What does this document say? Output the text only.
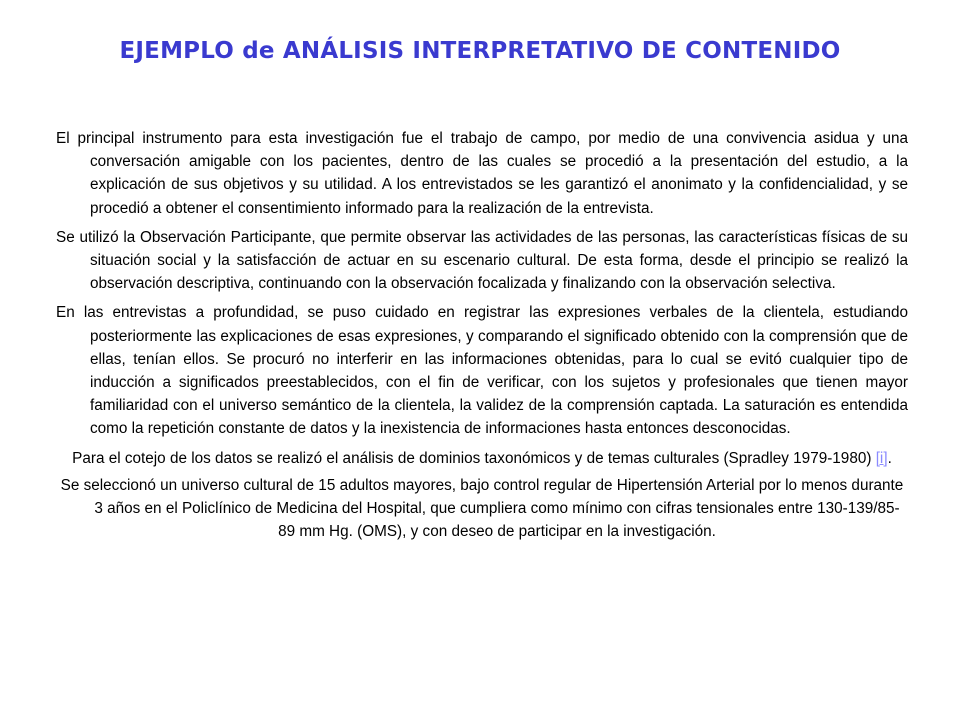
EJEMPLO de ANÁLISIS INTERPRETATIVO DE CONTENIDO

El principal instrumento para esta investigación fue el trabajo de campo, por medio de una convivencia asidua y una conversación amigable con los pacientes, dentro de las cuales se procedió a la presentación del estudio, a la explicación de sus objetivos y su utilidad. A los entrevistados se les garantizó el anonimato y la confidencialidad, y se procedió a obtener el consentimiento informado para la realización de la entrevista.

Se utilizó la Observación Participante, que permite observar las actividades de las personas, las características físicas de su situación social y la satisfacción de actuar en su escenario cultural. De esta forma, desde el principio se realizó la observación descriptiva, continuando con la observación focalizada y finalizando con la observación selectiva.

En las entrevistas a profundidad, se puso cuidado en registrar las expresiones verbales de la clientela, estudiando posteriormente las explicaciones de esas expresiones, y comparando el significado obtenido con la comprensión que de ellas, tenían ellos. Se procuró no interferir en las informaciones obtenidas, para lo cual se evitó cualquier tipo de inducción a significados preestablecidos, con el fin de verificar, con los sujetos y profesionales que tienen mayor familiaridad con el universo semántico de la clientela, la validez de la comprensión captada. La saturación es entendida como la repetición constante de datos y la inexistencia de informaciones hasta entonces desconocidas.

Para el cotejo de los datos se realizó el análisis de dominios taxonómicos y de temas culturales (Spradley 1979-1980) [i].

Se seleccionó un universo cultural de 15 adultos mayores, bajo control regular de Hipertensión Arterial por lo menos durante 3 años en el Policlínico de Medicina del Hospital, que cumpliera como mínimo con cifras tensionales entre 130-139/85-89 mm Hg. (OMS), y con deseo de participar en la investigación.
